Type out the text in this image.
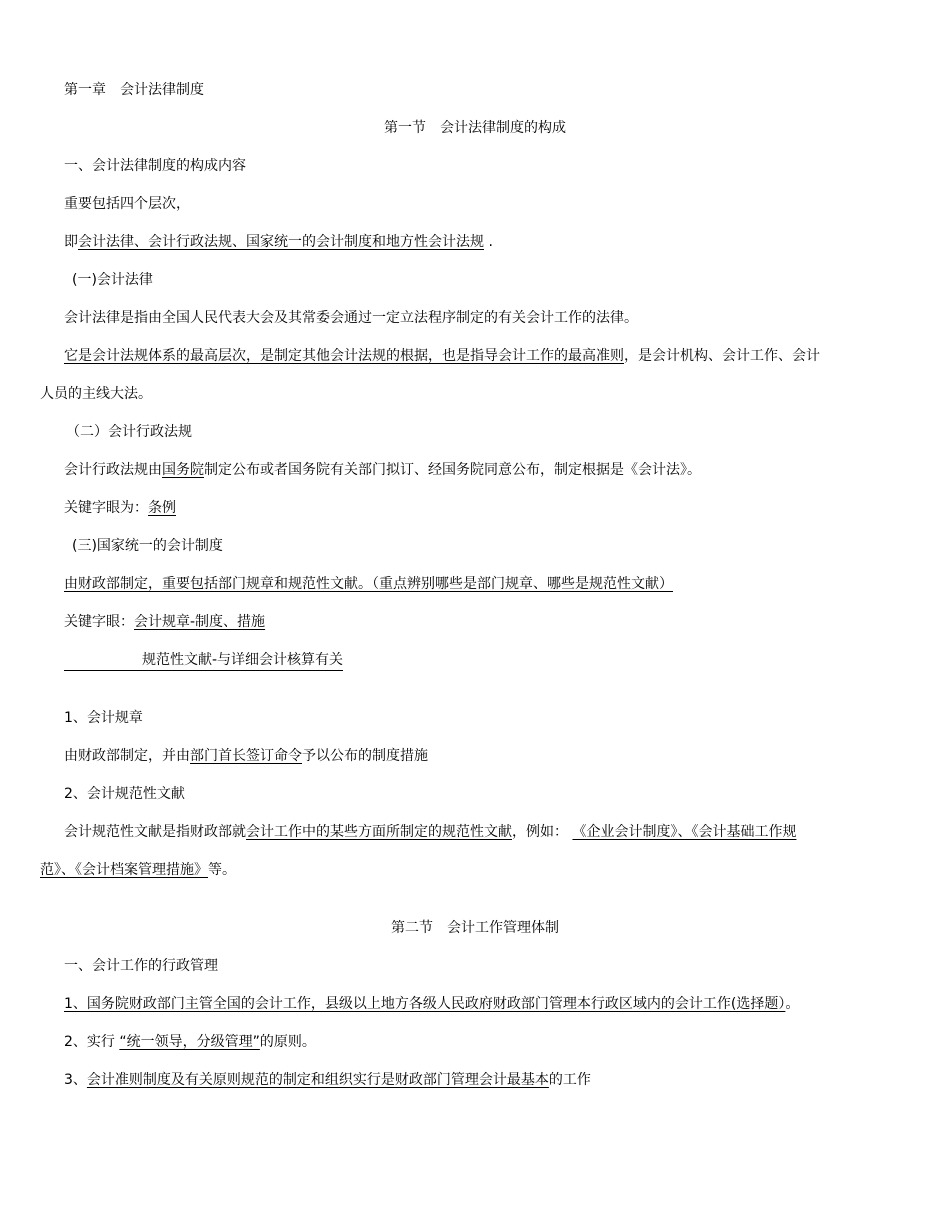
第一章　会计法律制度
第一节　会计法律制度的构成
一、会计法律制度的构成内容
重要包括四个层次，
即会计法律、会计行政法规、国家统一的会计制度和地方性会计法规 .
(一)会计法律
会计法律是指由全国人民代表大会及其常委会通过一定立法程序制定的有关会计工作的法律。
它是会计法规体系的最高层次，是制定其他会计法规的根据，也是指导会计工作的最高准则，是会计机构、会计工作、会计
人员的主线大法。
（二）会计行政法规
会计行政法规由国务院制定公布或者国务院有关部门拟订、经国务院同意公布，制定根据是《会计法》。
关键字眼为：条例
(三)国家统一的会计制度
由财政部制定，重要包括部门规章和规范性文献。（重点辨别哪些是部门规章、哪些是规范性文献）
关键字眼：会计规章-制度、措施
规范性文献-与详细会计核算有关
1、会计规章
由财政部制定，并由部门首长签订命令予以公布的制度措施
2、会计规范性文献
会计规范性文献是指财政部就会计工作中的某些方面所制定的规范性文献，例如： 《企业会计制度》、《会计基础工作规
范》、《会计档案管理措施》等。
第二节　会计工作管理体制
一、会计工作的行政管理
1、国务院财政部门主管全国的会计工作，县级以上地方各级人民政府财政部门管理本行政区域内的会计工作(选择题）。
2、实行 “统一领导，分级管理”的原则。
3、会计准则制度及有关原则规范的制定和组织实行是财政部门管理会计最基本的工作
